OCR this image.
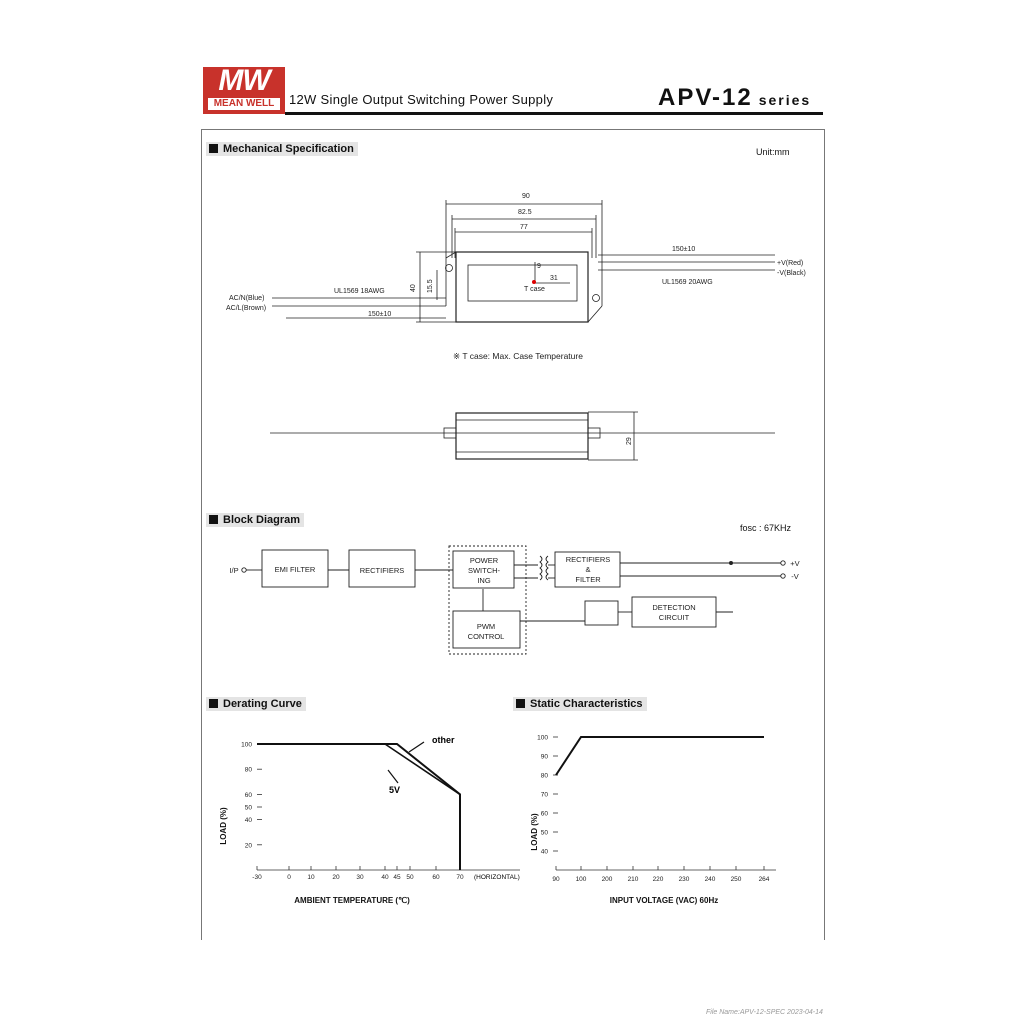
MW
MEAN WELL	12W Single Output Switching Power Supply	APV-12 series
Mechanical Specification	Unit:mm
90
82.5
77
40 15.5
31
9
T case
150±10
UL1569 20AWG
+V(Red)
-V(Black)
UL1569 18AWG
150±10
AC/N(Blue)
AC/L(Brown)
29
※ T case: Max. Case Temperature
Block Diagram
fosc : 67KHz
I/P	EMI FILTER	RECTIFIERS
POWER
SWITCH-
ING
RECTIFIERS
&
FILTER
PWM
CONTROL
DETECTION
CIRCUIT
+V
-V
Derating Curve	Static Characteristics
other
5V
(HORIZONTAL)
-30	0	10	20	30	40 45 50	60	70
20
40
50
60
80
100
LOAD (%)
AMBIENT TEMPERATURE (℃)
90 100 200 210 220 230 240 250	264
40
50
60
70
80
90
100
LOAD (%)
INPUT VOLTAGE (VAC) 60Hz
File Name:APV-12-SPEC 2023-04-14
